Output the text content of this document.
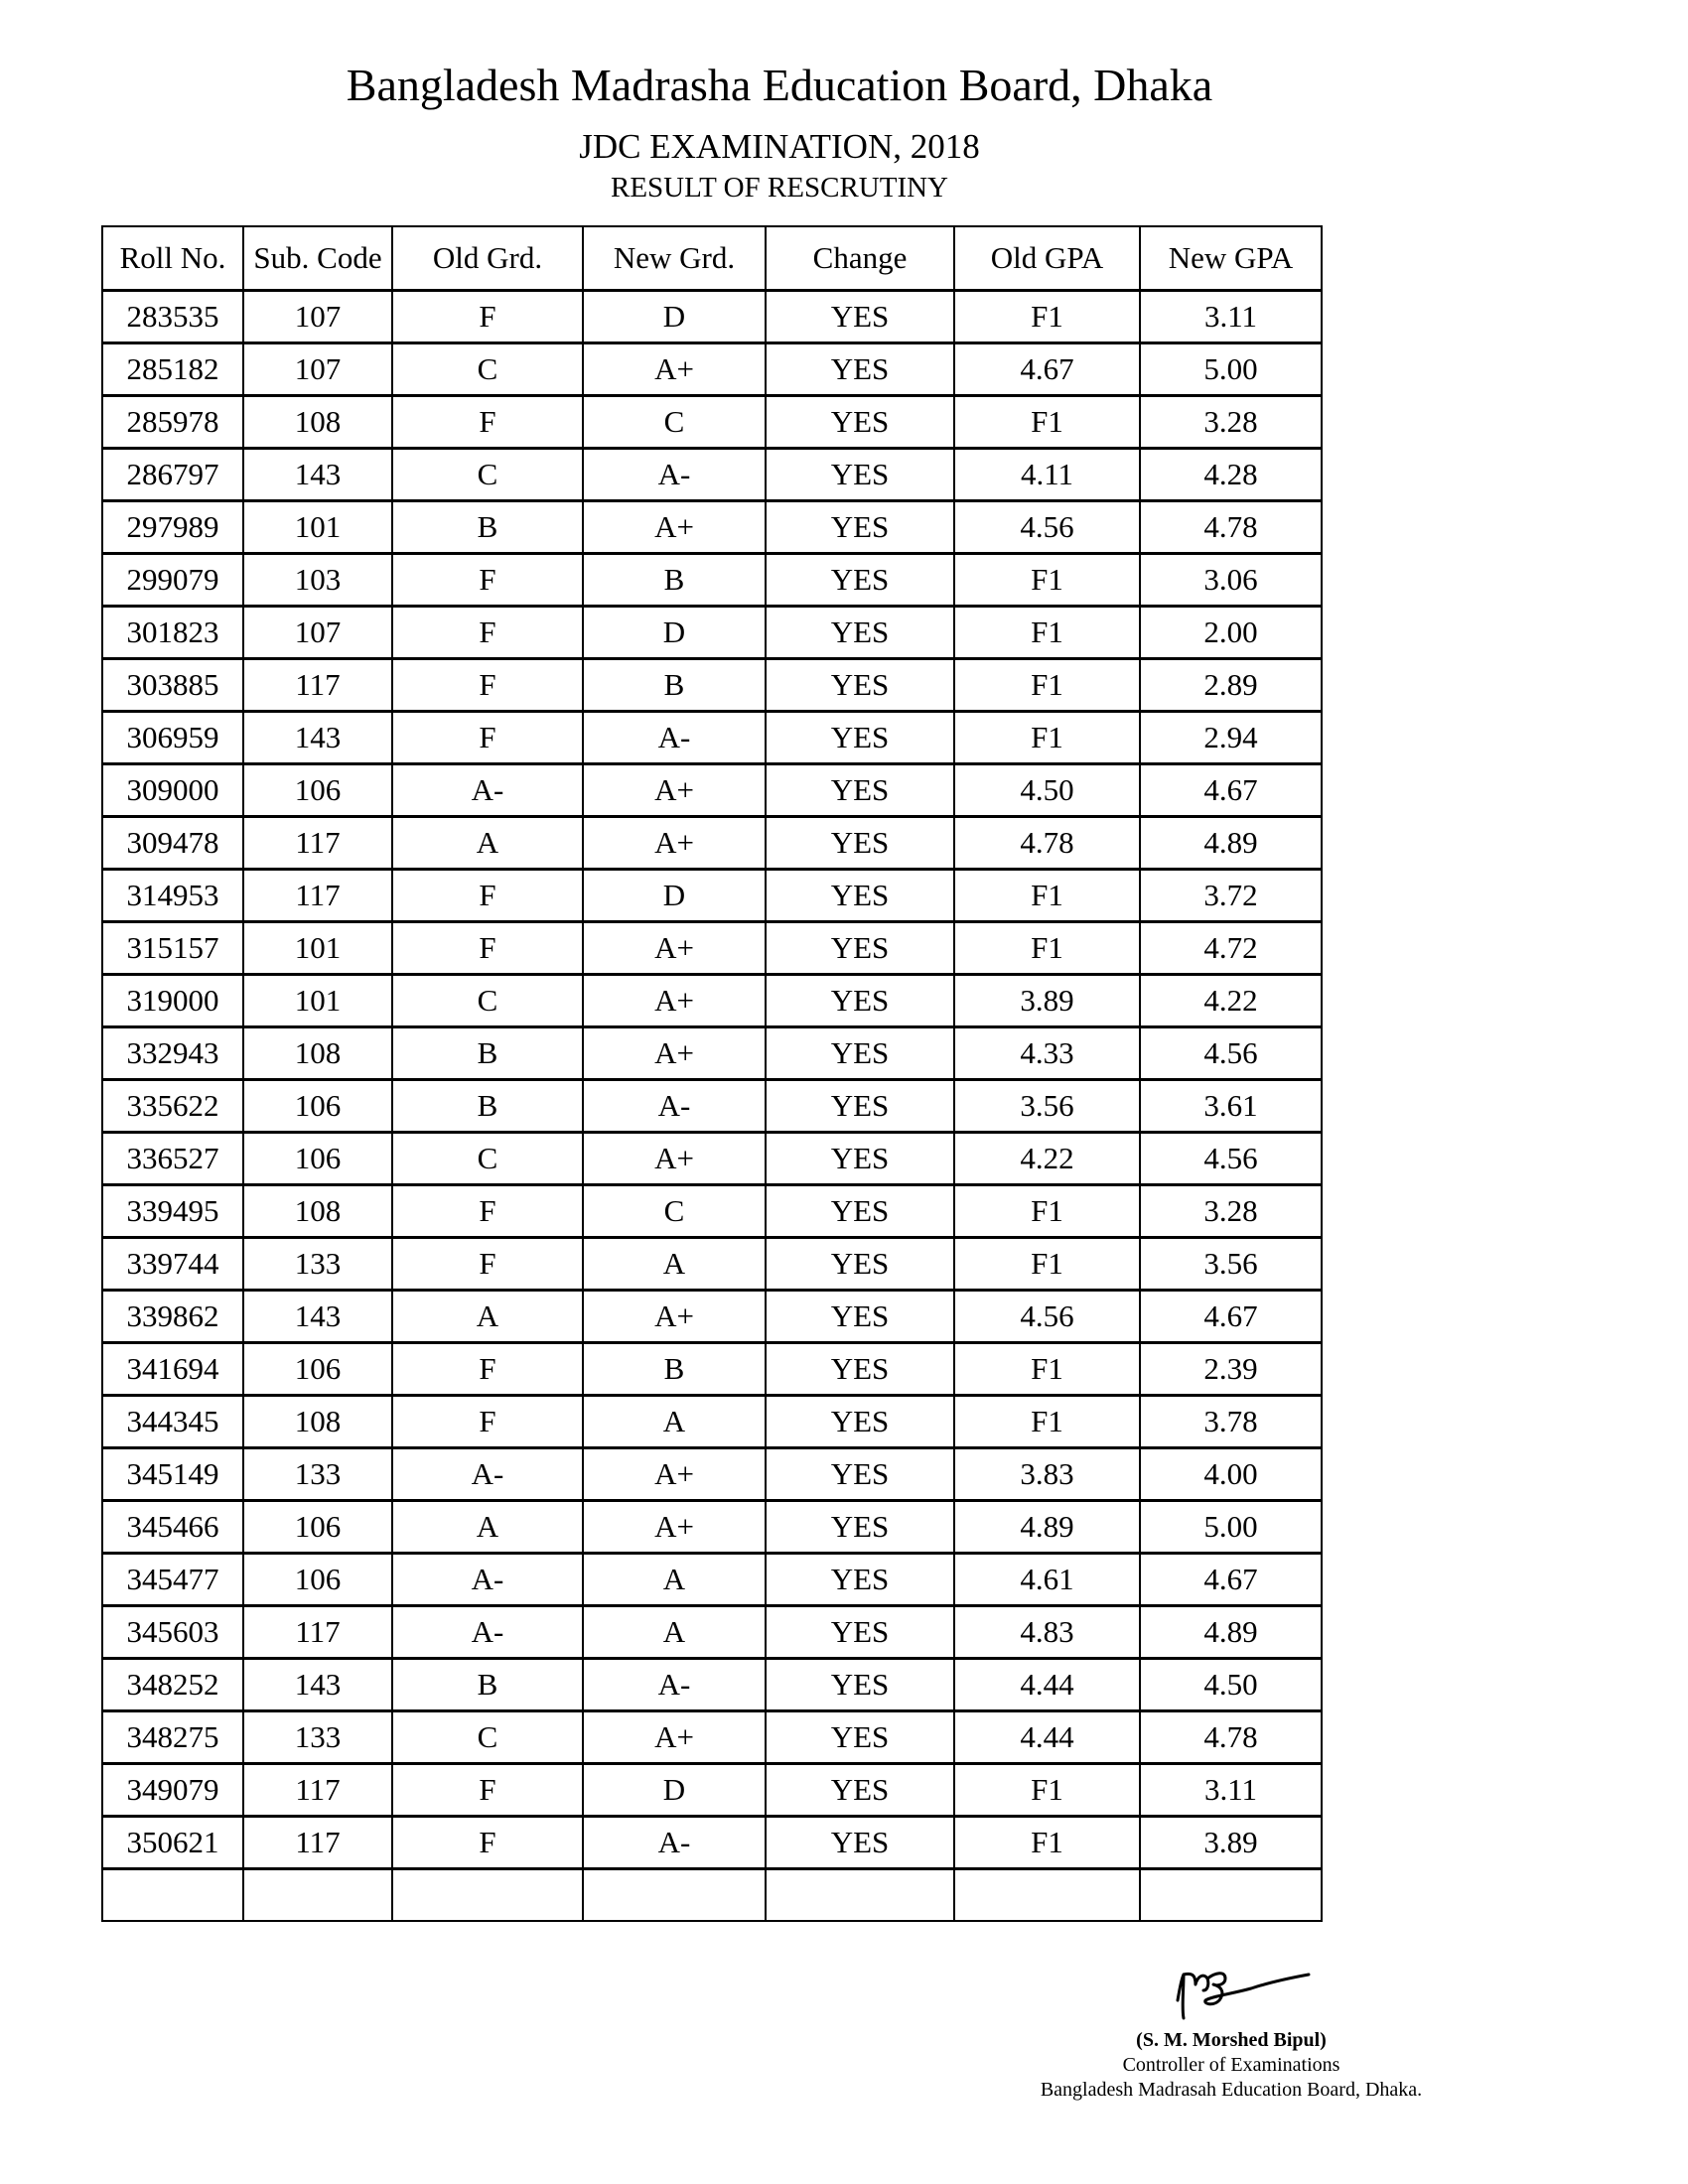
Bangladesh Madrasha Education Board, Dhaka
JDC EXAMINATION, 2018
RESULT OF RESCRUTINY
Roll No.	Sub. Code	Old Grd.	New Grd.	Change	Old GPA	New GPA
283535	107	F	D	YES	F1	3.11
285182	107	C	A+	YES	4.67	5.00
285978	108	F	C	YES	F1	3.28
286797	143	C	A-	YES	4.11	4.28
297989	101	B	A+	YES	4.56	4.78
299079	103	F	B	YES	F1	3.06
301823	107	F	D	YES	F1	2.00
303885	117	F	B	YES	F1	2.89
306959	143	F	A-	YES	F1	2.94
309000	106	A-	A+	YES	4.50	4.67
309478	117	A	A+	YES	4.78	4.89
314953	117	F	D	YES	F1	3.72
315157	101	F	A+	YES	F1	4.72
319000	101	C	A+	YES	3.89	4.22
332943	108	B	A+	YES	4.33	4.56
335622	106	B	A-	YES	3.56	3.61
336527	106	C	A+	YES	4.22	4.56
339495	108	F	C	YES	F1	3.28
339744	133	F	A	YES	F1	3.56
339862	143	A	A+	YES	4.56	4.67
341694	106	F	B	YES	F1	2.39
344345	108	F	A	YES	F1	3.78
345149	133	A-	A+	YES	3.83	4.00
345466	106	A	A+	YES	4.89	5.00
345477	106	A-	A	YES	4.61	4.67
345603	117	A-	A	YES	4.83	4.89
348252	143	B	A-	YES	4.44	4.50
348275	133	C	A+	YES	4.44	4.78
349079	117	F	D	YES	F1	3.11
350621	117	F	A-	YES	F1	3.89

(S. M. Morshed Bipul)
Controller of Examinations
Bangladesh Madrasah Education Board, Dhaka.
